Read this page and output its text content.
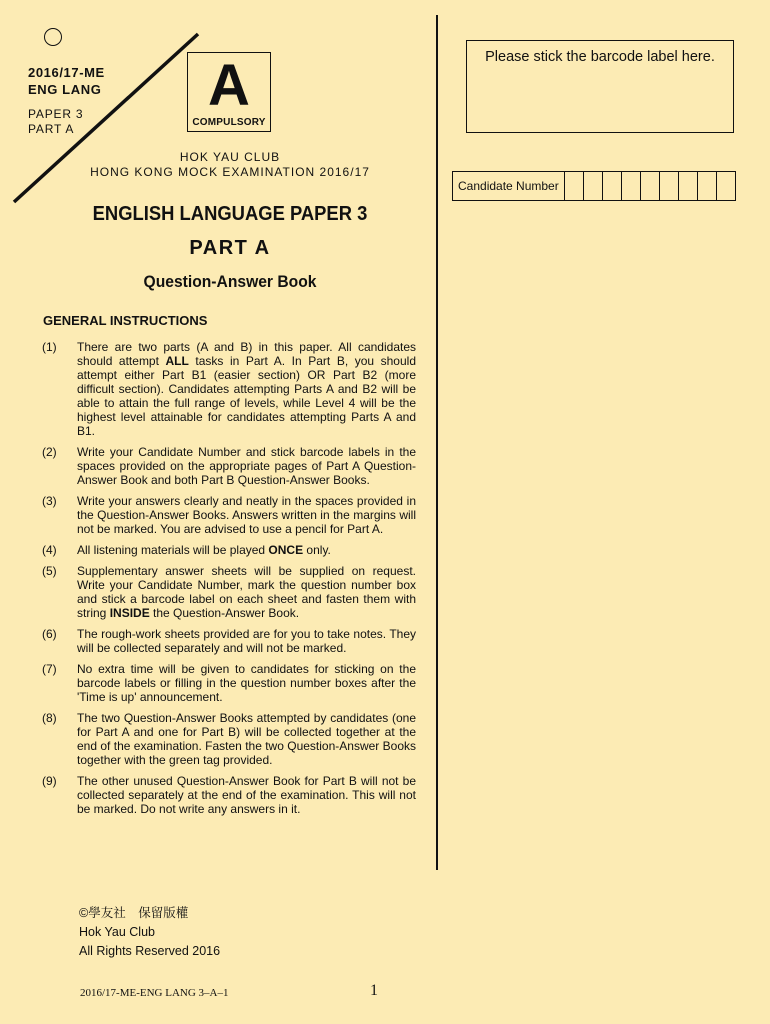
2016/17-ME
ENG LANG
PAPER 3
PART A
A
COMPULSORY
HOK YAU CLUB
HONG KONG MOCK EXAMINATION 2016/17
Please stick the barcode label here.
Candidate Number
ENGLISH LANGUAGE PAPER 3
PART A
Question-Answer Book
GENERAL INSTRUCTIONS
(1)	There are two parts (A and B) in this paper. All candidates should attempt ALL tasks in Part A. In Part B, you should attempt either Part B1 (easier section) OR Part B2 (more difficult section). Candidates attempting Parts A and B2 will be able to attain the full range of levels, while Level 4 will be the highest level attainable for candidates attempting Parts A and B1.
(2)	Write your Candidate Number and stick barcode labels in the spaces provided on the appropriate pages of Part A Question-Answer Book and both Part B Question-Answer Books.
(3)	Write your answers clearly and neatly in the spaces provided in the Question-Answer Books. Answers written in the margins will not be marked. You are advised to use a pencil for Part A.
(4)	All listening materials will be played ONCE only.
(5)	Supplementary answer sheets will be supplied on request. Write your Candidate Number, mark the question number box and stick a barcode label on each sheet and fasten them with string INSIDE the Question-Answer Book.
(6)	The rough-work sheets provided are for you to take notes. They will be collected separately and will not be marked.
(7)	No extra time will be given to candidates for sticking on the barcode labels or filling in the question number boxes after the 'Time is up' announcement.
(8)	The two Question-Answer Books attempted by candidates (one for Part A and one for Part B) will be collected together at the end of the examination. Fasten the two Question-Answer Books together with the green tag provided.
(9)	The other unused Question-Answer Book for Part B will not be collected separately at the end of the examination. This will not be marked. Do not write any answers in it.
©學友社　保留版權
Hok Yau Club
All Rights Reserved 2016
2016/17-ME-ENG LANG 3–A–1	1
